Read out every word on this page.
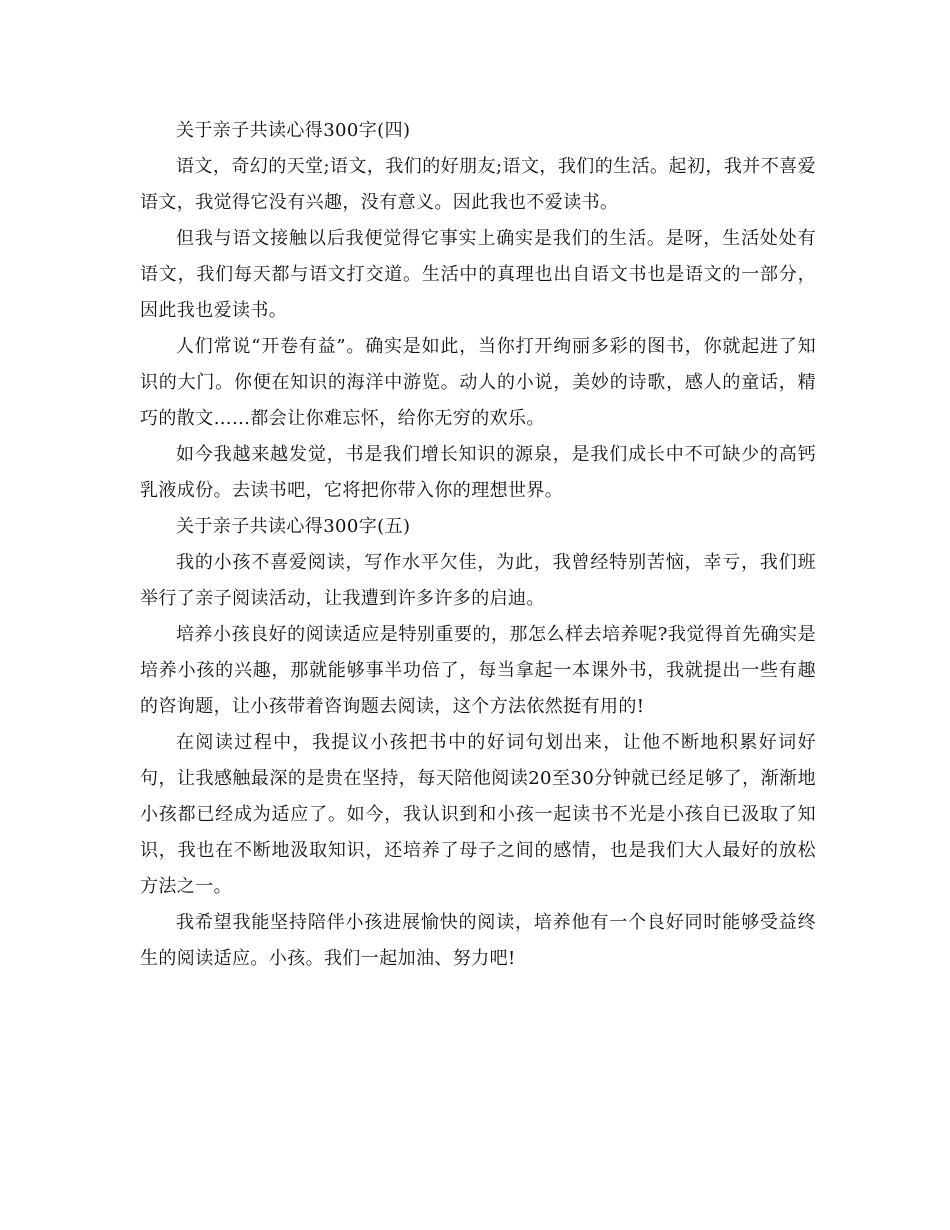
关于亲子共读心得300字(四)

语文，奇幻的天堂;语文，我们的好朋友;语文，我们的生活。起初，我并不喜爱语文，我觉得它没有兴趣，没有意义。因此我也不爱读书。

但我与语文接触以后我便觉得它事实上确实是我们的生活。是呀，生活处处有语文，我们每天都与语文打交道。生活中的真理也出自语文书也是语文的一部分，因此我也爱读书。

人们常说“开卷有益”。确实是如此，当你打开绚丽多彩的图书，你就起进了知识的大门。你便在知识的海洋中游览。动人的小说，美妙的诗歌，感人的童话，精巧的散文……都会让你难忘怀，给你无穷的欢乐。

如今我越来越发觉，书是我们增长知识的源泉，是我们成长中不可缺少的高钙乳液成份。去读书吧，它将把你带入你的理想世界。

关于亲子共读心得300字(五)

我的小孩不喜爱阅读，写作水平欠佳，为此，我曾经特别苦恼，幸亏，我们班举行了亲子阅读活动，让我遭到许多许多的启迪。

培养小孩良好的阅读适应是特别重要的，那怎么样去培养呢?我觉得首先确实是培养小孩的兴趣，那就能够事半功倍了，每当拿起一本课外书，我就提出一些有趣的咨询题，让小孩带着咨询题去阅读，这个方法依然挺有用的!

在阅读过程中，我提议小孩把书中的好词句划出来，让他不断地积累好词好句，让我感触最深的是贵在坚持，每天陪他阅读20至30分钟就已经足够了，渐渐地小孩都已经成为适应了。如今，我认识到和小孩一起读书不光是小孩自已汲取了知识，我也在不断地汲取知识，还培养了母子之间的感情，也是我们大人最好的放松方法之一。

我希望我能坚持陪伴小孩进展愉快的阅读，培养他有一个良好同时能够受益终生的阅读适应。小孩。我们一起加油、努力吧!
